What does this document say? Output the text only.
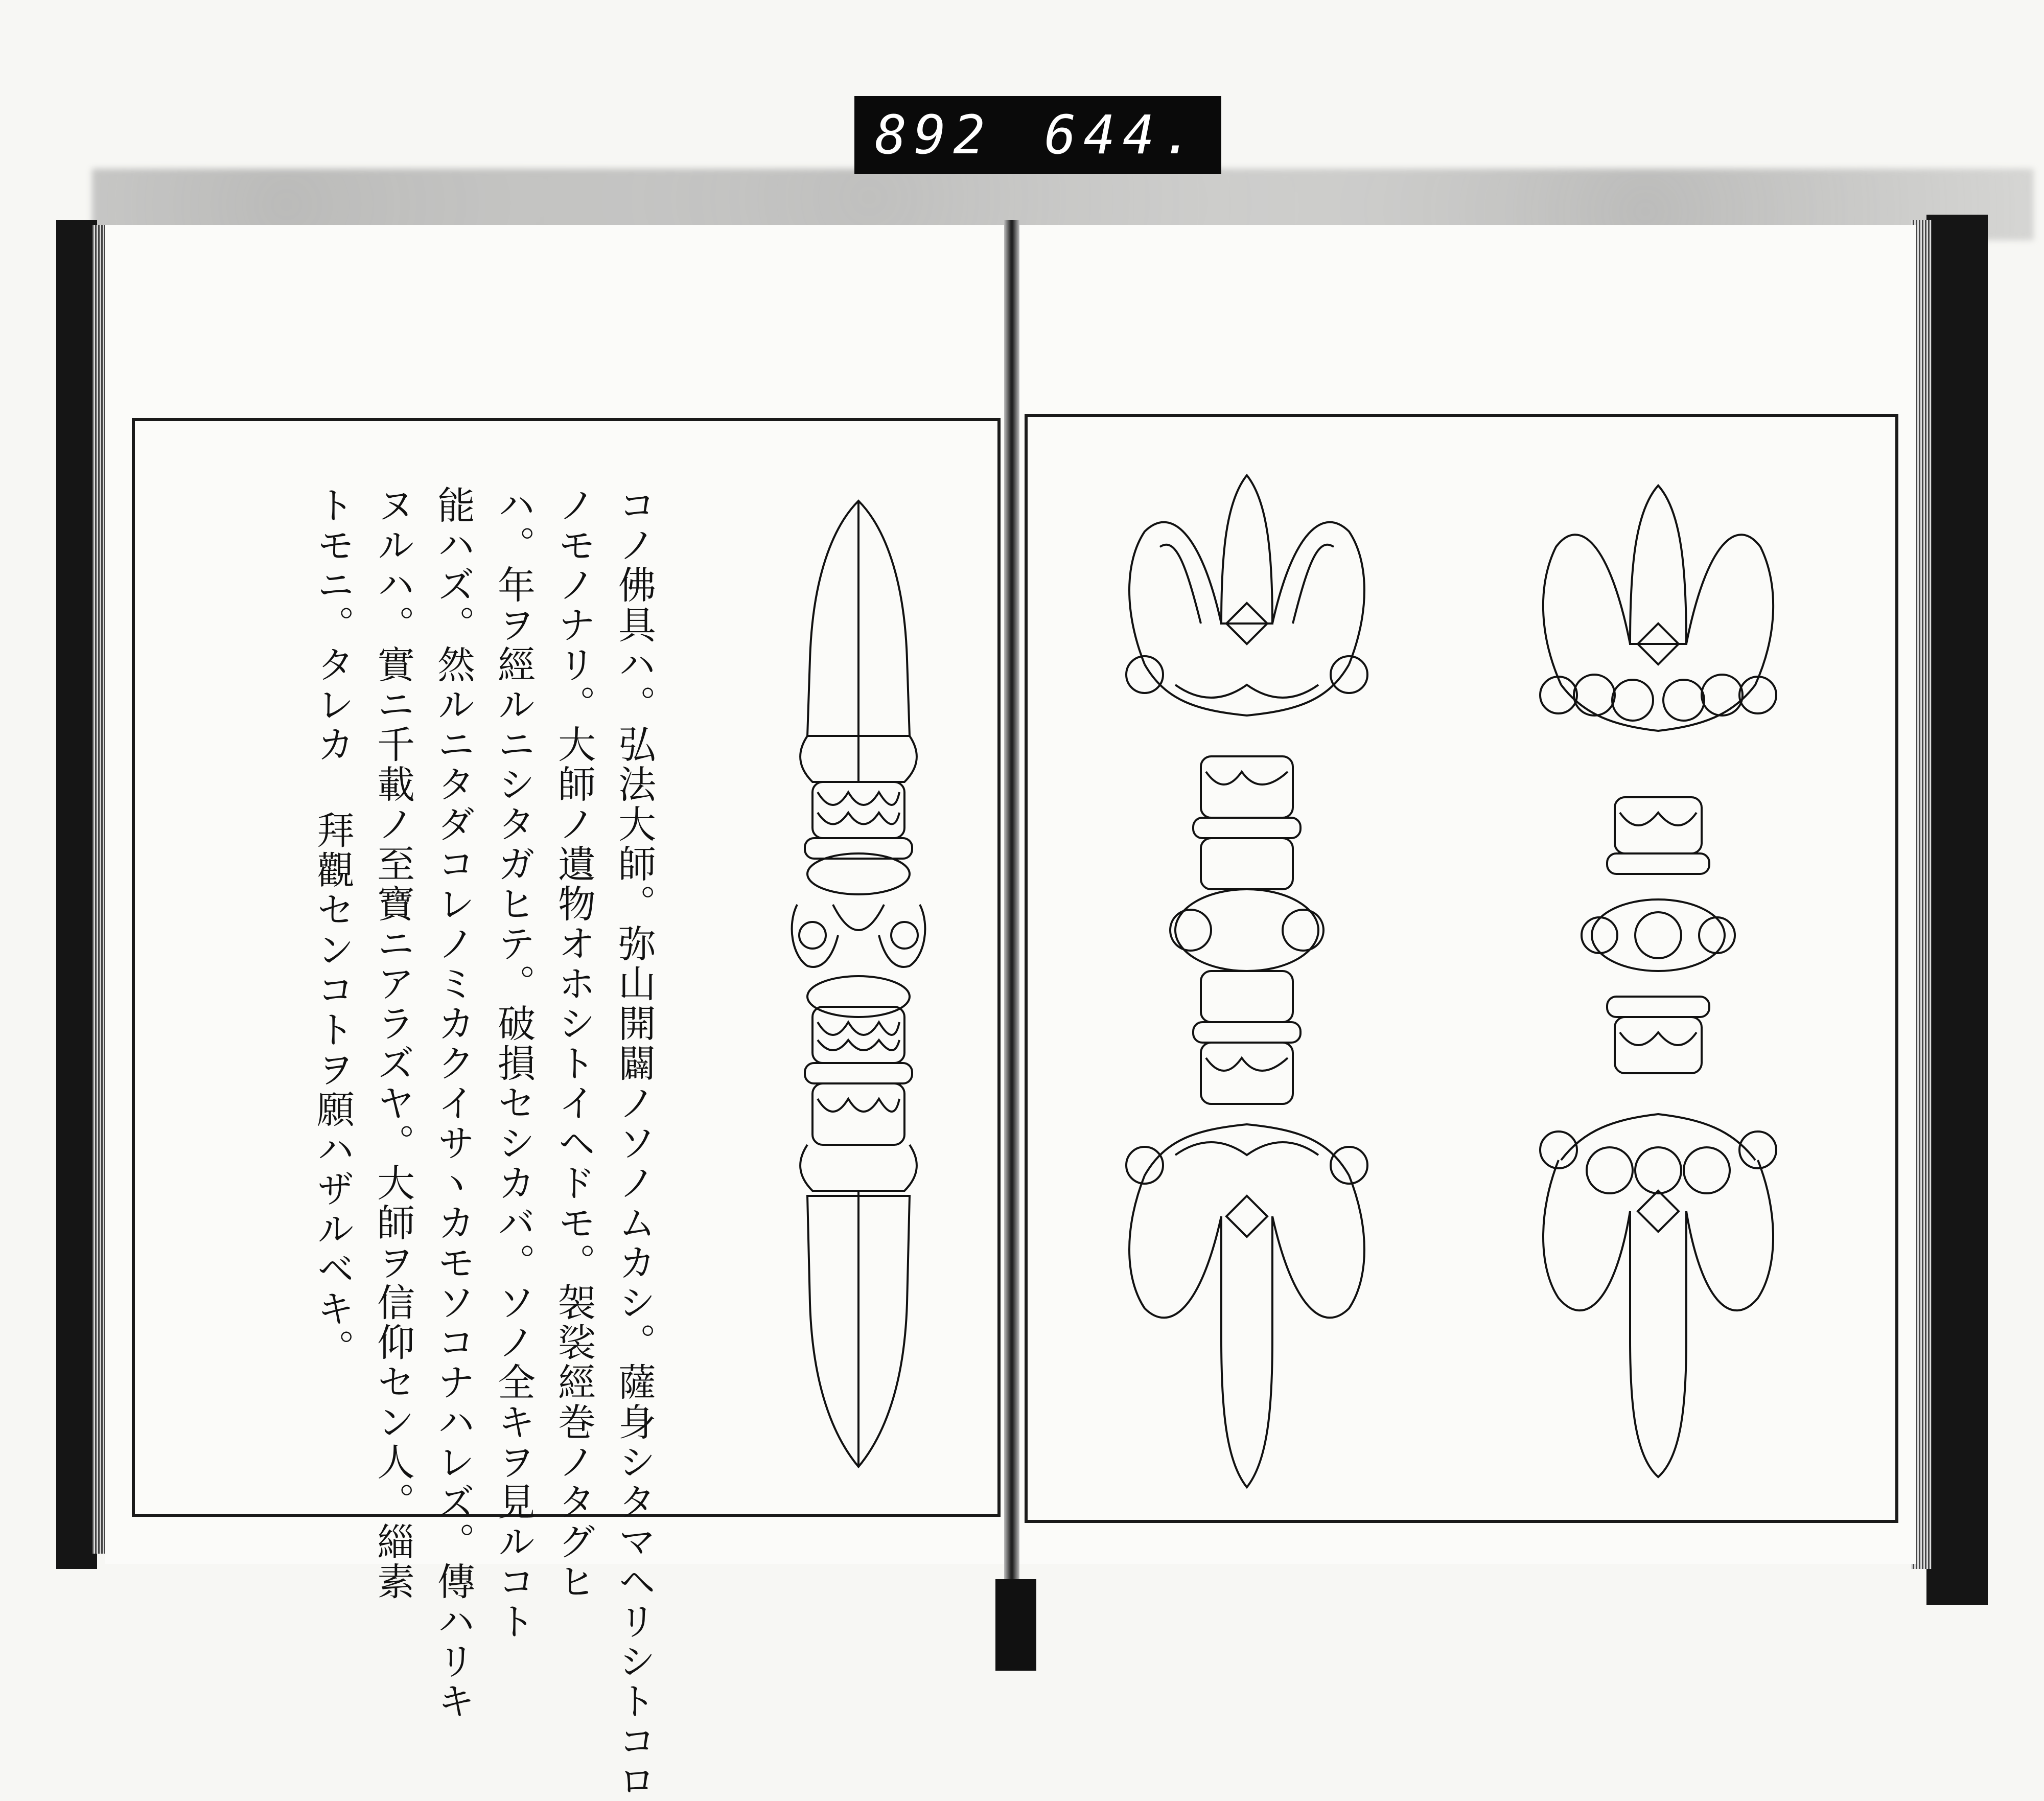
892 644.
コノ佛具ハ。弘法大師。弥山開闢ノソノムカシ。薩身シタマヘリシトコロ
ノモノナリ。大師ノ遺物オホシトイヘドモ。袈裟經巻ノタグヒ
ハ。年ヲ經ルニシタガヒテ。破損セシカバ。ソノ全キヲ見ルコト
能ハズ。然ルニタダコレノミカクイサヽカモソコナハレズ。傳ハリキ
ヌルハ。實ニ千載ノ至寶ニアラズヤ。大師ヲ信仰セン人。緇素
トモニ。タレカ 拜觀センコトヲ願ハザルベキ。
